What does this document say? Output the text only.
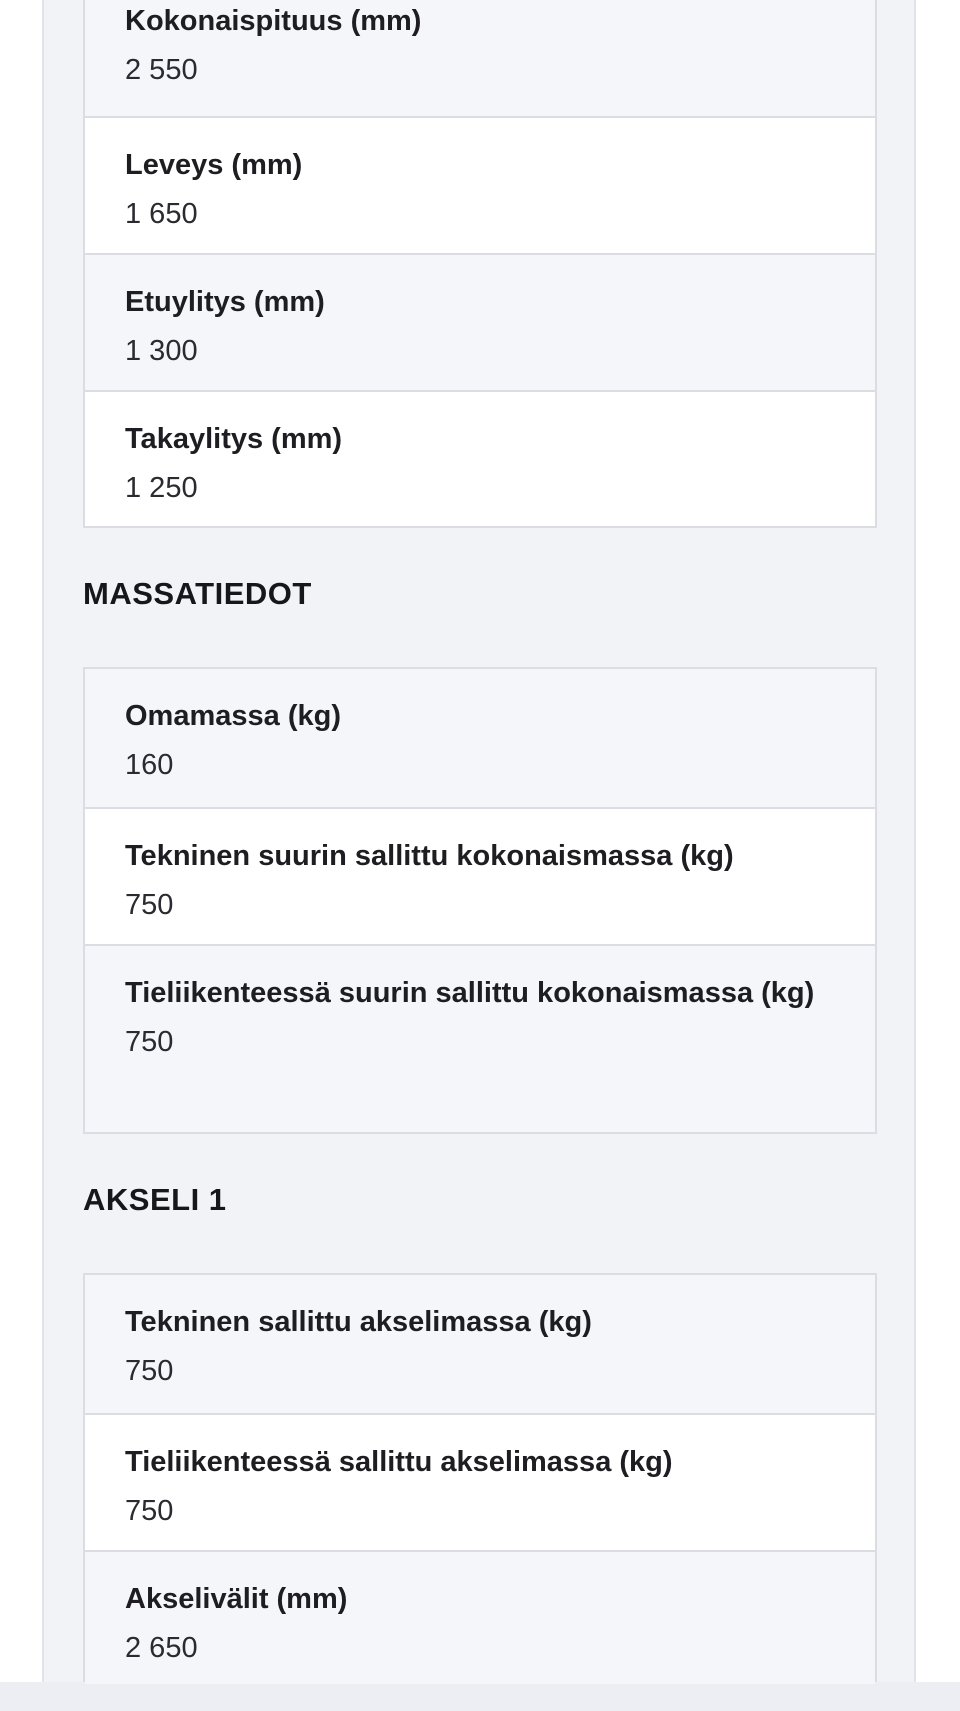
Kokonaispituus (mm)
2 550
Leveys (mm)
1 650
Etuylitys (mm)
1 300
Takaylitys (mm)
1 250
MASSATIEDOT
Omamassa (kg)
160
Tekninen suurin sallittu kokonaismassa (kg)
750
Tieliikenteessä suurin sallittu kokonaismassa (kg)
750
AKSELI 1
Tekninen sallittu akselimassa (kg)
750
Tieliikenteessä sallittu akselimassa (kg)
750
Akselivälit (mm)
2 650
